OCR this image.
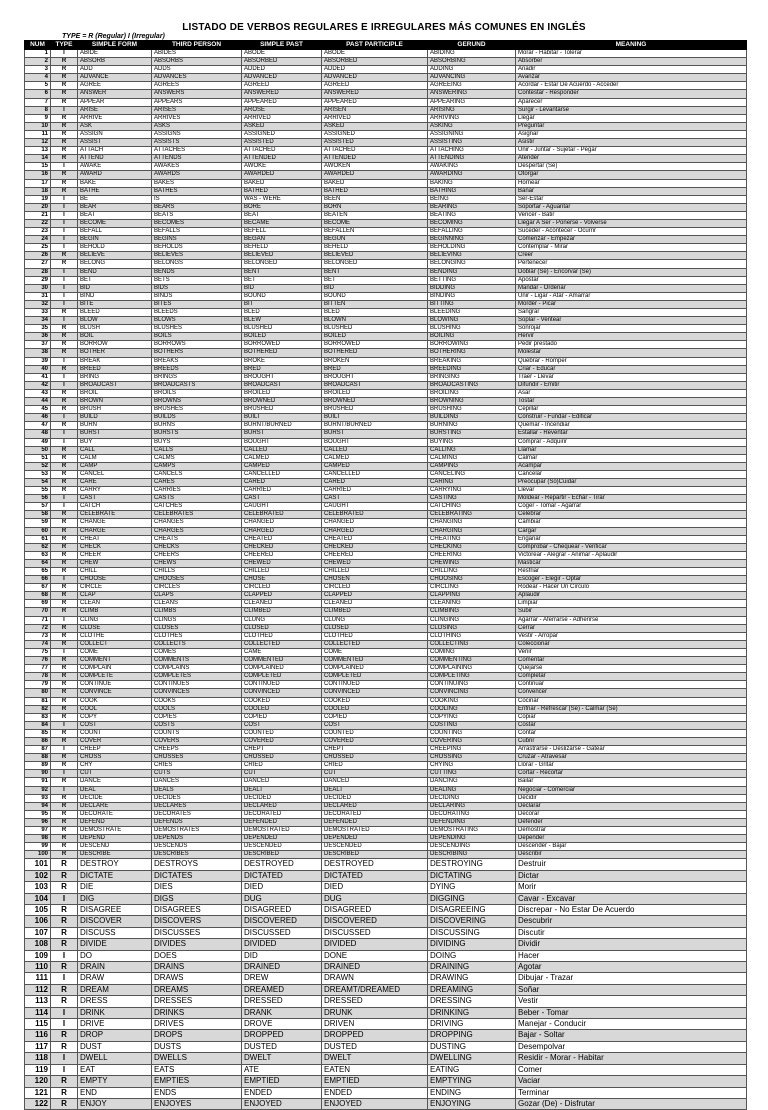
LISTADO DE VERBOS REGULARES E IRREGULARES MÁS COMUNES EN INGLÉS
TYPE = R (Regular) I (Irregular)
NUM	TYPE	SIMPLE FORM	THIRD PERSON	SIMPLE PAST	PAST PARTICIPLE	GERUND	MEANING
1	I	ABIDE	ABIDES	ABODE	ABODE	ABIDING	Morar - Habitar - Tolerar
2	R	ABSORB	ABSORBS	ABSORBED	ABSORBED	ABSORBING	Absorber
3	R	ADD	ADDS	ADDED	ADDED	ADDING	Añadir
4	R	ADVANCE	ADVANCES	ADVANCED	ADVANCED	ADVANCING	Avanzar
5	R	AGREE	AGREES	AGREED	AGREED	AGREEING	Acordar - Estar De Acuerdo - Acceder
6	R	ANSWER	ANSWERS	ANSWERED	ANSWERED	ANSWERING	Contestar - Responder
7	R	APPEAR	APPEARS	APPEARED	APPEARED	APPEARING	Aparecer
8	I	ARISE	ARISES	AROSE	ARISEN	ARISING	Surgir - Levantarse
9	R	ARRIVE	ARRIVES	ARRIVED	ARRIVED	ARRIVING	Llegar
10	R	ASK	ASKS	ASKED	ASKED	ASKING	Preguntar
11	R	ASSIGN	ASSIGNS	ASSIGNED	ASSIGNED	ASSIGNING	Asignar
12	R	ASSIST	ASSISTS	ASSISTED	ASSISTED	ASSISTING	Asistir
13	R	ATTACH	ATTACHES	ATTACHED	ATTACHED	ATTACHING	Unir - Juntar - Sujetar - Pegar
14	R	ATTEND	ATTENDS	ATTENDED	ATTENDED	ATTENDING	Atender
15	I	AWAKE	AWAKES	AWOKE	AWOKEN	AWAKING	Despertar (Se)
16	R	AWARD	AWARDS	AWARDED	AWARDED	AWARDING	Otorgar
17	R	BAKE	BAKES	BAKED	BAKED	BAKING	Hornear
18	R	BATHE	BATHES	BATHED	BATHED	BATHING	Bañar
19	I	BE	IS	WAS - WERE	BEEN	BEING	Ser-Estar
20	I	BEAR	BEARS	BORE	BORN	BEARING	Soportar - Aguantar
21	I	BEAT	BEATS	BEAT	BEATEN	BEATING	Vencer - Batir
22	I	BECOME	BECOMES	BECAME	BECOME	BECOMING	Llegar A Ser - Ponerse - Volverse
23	I	BEFALL	BEFALLS	BEFELL	BEFALLEN	BEFALLING	Suceder - Acontecer - Ocurrir
24	I	BEGIN	BEGINS	BEGAN	BEGUN	BEGINNING	Comenzar - Empezar
25	I	BEHOLD	BEHOLDS	BEHELD	BEHELD	BEHOLDING	Contemplar - Mirar
26	R	BELIEVE	BELIEVES	BELIEVED	BELIEVED	BELIEVING	Creer
27	R	BELONG	BELONGS	BELONGED	BELONGED	BELONGING	Pertenecer
28	I	BEND	BENDS	BENT	BENT	BENDING	Doblar (Se) - Encorvar (Se)
29	I	BET	BETS	BET	BET	BETTING	Apostar
30	I	BID	BIDS	BID	BID	BIDDING	Mandar - Ordenar
31	I	BIND	BINDS	BOUND	BOUND	BINDING	Unir - Ligar - Atar - Amarrar
32	I	BITE	BITES	BIT	BITTEN	BITTING	Morder - Picar
33	R	BLEED	BLEEDS	BLED	BLED	BLEEDING	Sangrar
34	I	BLOW	BLOWS	BLEW	BLOWN	BLOWING	Soplar - Ventear
35	R	BLUSH	BLUSHES	BLUSHED	BLUSHED	BLUSHING	Sonrojar
36	R	BOIL	BOILS	BOILED	BOILED	BOILING	Hervir
37	R	BORROW	BORROWS	BORROWED	BORROWED	BORROWING	Pedir prestado
38	R	BOTHER	BOTHERS	BOTHERED	BOTHERED	BOTHERING	Molestar
39	I	BREAK	BREAKS	BROKE	BROKEN	BREAKING	Quebrar - Romper
40	R	BREED	BREEDS	BRED	BRED	BREEDING	Criar - Educar
41	I	BRING	BRINGS	BROUGHT	BROUGHT	BRINGING	Traer - Llevar
42	I	BROADCAST	BROADCASTS	BROADCAST	BROADCAST	BROADCASTING	Difundir - Emitir
43	R	BROIL	BROILS	BROILED	BROILED	BROILING	Asar
44	R	BROWN	BROWNS	BROWNED	BROWNED	BROWNING	Tostar
45	R	BRUSH	BRUSHES	BRUSHED	BRUSHED	BRUSHING	Cepillar
46	I	BUILD	BUILDS	BUILT	BUILT	BUILDING	Construir - Fundar - Edificar
47	R	BURN	BURNS	BURNT/BURNED	BURNT/BURNED	BURNING	Quemar - Incendiar
48	I	BURST	BURSTS	BURST	BURST	BURSTING	Estallar - Reventar
49	I	BUY	BUYS	BOUGHT	BOUGHT	BUYING	Comprar - Adquirir
50	R	CALL	CALLS	CALLED	CALLED	CALLING	Llamar
51	R	CALM	CALMS	CALMED	CALMED	CALMING	Calmar
52	R	CAMP	CAMPS	CAMPED	CAMPED	CAMPING	Acampar
53	R	CANCEL	CANCELS	CANCELLED	CANCELLED	CANCELING	Cancelar
54	R	CARE	CARES	CARED	CARED	CARING	Preocupar (So)Cuidar
55	R	CARRY	CARRIES	CARRIED	CARRIED	CARRYING	Llevar
56	I	CAST	CASTS	CAST	CAST	CASTING	Moldear - Repartir - Echar - Tirar
57	I	CATCH	CATCHES	CAUGHT	CAUGHT	CATCHING	Coger - Tomar - Agarrar
58	R	CELEBRATE	CELEBRATES	CELEBRATED	CELEBRATED	CELEBRATING	Celebrar
59	R	CHANGE	CHANGES	CHANGED	CHANGED	CHANGING	Cambiar
60	R	CHARGE	CHARGES	CHARGED	CHARGED	CHARGING	Cargar
61	R	CHEAT	CHEATS	CHEATED	CHEATED	CHEATING	Engañar
62	R	CHECK	CHECKS	CHECKED	CHECKED	CHECKING	Comprobar - Chequear - Verificar
63	R	CHEER	CHEERS	CHEERED	CHEERED	CHEERING	Victorear - Alegrar - Animar - Aplaudir
64	R	CHEW	CHEWS	CHEWED	CHEWED	CHEWING	Masticar
65	R	CHILL	CHILLS	CHILLED	CHILLED	CHILLING	Resfriar
66	I	CHOOSE	CHOOSES	CHOSE	CHOSEN	CHOOSING	Escoger - Elegir - Optar
67	R	CIRCLE	CIRCLES	CIRCLED	CIRCLED	CIRCLING	Rodear - Hacer Un Círculo
68	R	CLAP	CLAPS	CLAPPED	CLAPPED	CLAPPING	Aplaudir
69	R	CLEAN	CLEANS	CLEANED	CLEANED	CLEANING	Limpiar
70	R	CLIMB	CLIMBS	CLIMBED	CLIMBED	CLIMBING	Subir
71	I	CLING	CLINGS	CLUNG	CLUNG	CLINGING	Agarrar - Aferrarse - Adherirse
72	R	CLOSE	CLOSES	CLOSED	CLOSED	CLOSING	Cerrar
73	R	CLOTHE	CLOTHES	CLOTHED	CLOTHED	CLOTHING	Vestir - Arropar
74	R	COLLECT	COLLECTS	COLLECTED	COLLECTED	COLLECTING	Coleccionar
75	I	COME	COMES	CAME	COME	COMING	Venir
76	R	COMMENT	COMMENTS	COMMENTED	COMMENTED	COMMENTING	Comentar
77	R	COMPLAIN	COMPLAINS	COMPLAINED	COMPLAINED	COMPLAINING	Quejarse
78	R	COMPLETE	COMPLETES	COMPLETED	COMPLETED	COMPLETING	Completar
79	R	CONTINUE	CONTINUES	CONTINUED	CONTINUED	CONTINUING	Continuar
80	R	CONVINCE	CONVINCES	CONVINCED	CONVINCED	CONVINCING	Convencer
81	R	COOK	COOKS	COOKED	COOKED	COOKING	Cocinar
82	R	COOL	COOLS	COOLED	COOLED	COOLING	Enfriar - Refrescar (Se) - Calmar (Se)
83	R	COPY	COPIES	COPIED	COPIED	COPYING	Copiar
84	I	COST	COSTS	COST	COST	COSTING	Costar
85	R	COUNT	COUNTS	COUNTED	COUNTED	COUNTING	Contar
86	R	COVER	COVERS	COVERED	COVERED	COVERING	Cubrir
87	I	CREEP	CREEPS	CREPT	CREPT	CREEPING	Arrastrarse - Deslizarse - Gatear
88	R	CROSS	CROSSES	CROSSED	CROSSED	CROSSING	Cruzar - Atravesar
89	R	CRY	CRIES	CRIED	CRIED	CRYING	Llorar - Gritar
90	I	CUT	CUTS	CUT	CUT	CUTTING	Cortar - Recortar
91	R	DANCE	DANCES	DANCED	DANCED	DANCING	Bailar
92	I	DEAL	DEALS	DEALT	DEALT	DEALING	Negociar - Comerciar
93	R	DECIDE	DECIDES	DECIDED	DECIDED	DECIDING	Decidir
94	R	DECLARE	DECLARES	DECLARED	DECLARED	DECLARING	Declarar
95	R	DECORATE	DECORATES	DECORATED	DECORATED	DECORATING	Decorar
96	R	DEFEND	DEFENDS	DEFENDED	DEFENDED	DEFENDING	Defender
97	R	DEMOSTRATE	DEMOSTRATES	DEMOSTRATED	DEMOSTRATED	DEMOSTRATING	Demostrar
98	R	DEPEND	DEPENDS	DEPENDED	DEPENDED	DEPENDING	Depender
99	R	DESCEND	DESCENDS	DESCENDED	DESCENDED	DESCENDING	Descender - Bajar
100	R	DESCRIBE	DESCRIBES	DESCRIBED	DESCRIBED	DESCRIBING	Describir
101	R	DESTROY	DESTROYS	DESTROYED	DESTROYED	DESTROYING	Destruir
102	R	DICTATE	DICTATES	DICTATED	DICTATED	DICTATING	Dictar
103	R	DIE	DIES	DIED	DIED	DYING	Morir
104	I	DIG	DIGS	DUG	DUG	DIGGING	Cavar - Excavar
105	R	DISAGREE	DISAGREES	DISAGREED	DISAGREED	DISAGREEING	Discrepar - No Estar De Acuerdo
106	R	DISCOVER	DISCOVERS	DISCOVERED	DISCOVERED	DISCOVERING	Descubrir
107	R	DISCUSS	DISCUSSES	DISCUSSED	DISCUSSED	DISCUSSING	Discutir
108	R	DIVIDE	DIVIDES	DIVIDED	DIVIDED	DIVIDING	Dividir
109	I	DO	DOES	DID	DONE	DOING	Hacer
110	R	DRAIN	DRAINS	DRAINED	DRAINED	DRAINING	Agotar
111	I	DRAW	DRAWS	DREW	DRAWN	DRAWING	Dibujar - Trazar
112	R	DREAM	DREAMS	DREAMED	DREAMT/DREAMED	DREAMING	Soñar
113	R	DRESS	DRESSES	DRESSED	DRESSED	DRESSING	Vestir
114	I	DRINK	DRINKS	DRANK	DRUNK	DRINKING	Beber - Tomar
115	I	DRIVE	DRIVES	DROVE	DRIVEN	DRIVING	Manejar - Conducir
116	R	DROP	DROPS	DROPPED	DROPPED	DROPPING	Bajar - Soltar
117	R	DUST	DUSTS	DUSTED	DUSTED	DUSTING	Desempolvar
118	I	DWELL	DWELLS	DWELT	DWELT	DWELLING	Residir - Morar - Habitar
119	I	EAT	EATS	ATE	EATEN	EATING	Comer
120	R	EMPTY	EMPTIES	EMPTIED	EMPTIED	EMPTYING	Vaciar
121	R	END	ENDS	ENDED	ENDED	ENDING	Terminar
122	R	ENJOY	ENJOYES	ENJOYED	ENJOYED	ENJOYING	Gozar (De) - Disfrutar
